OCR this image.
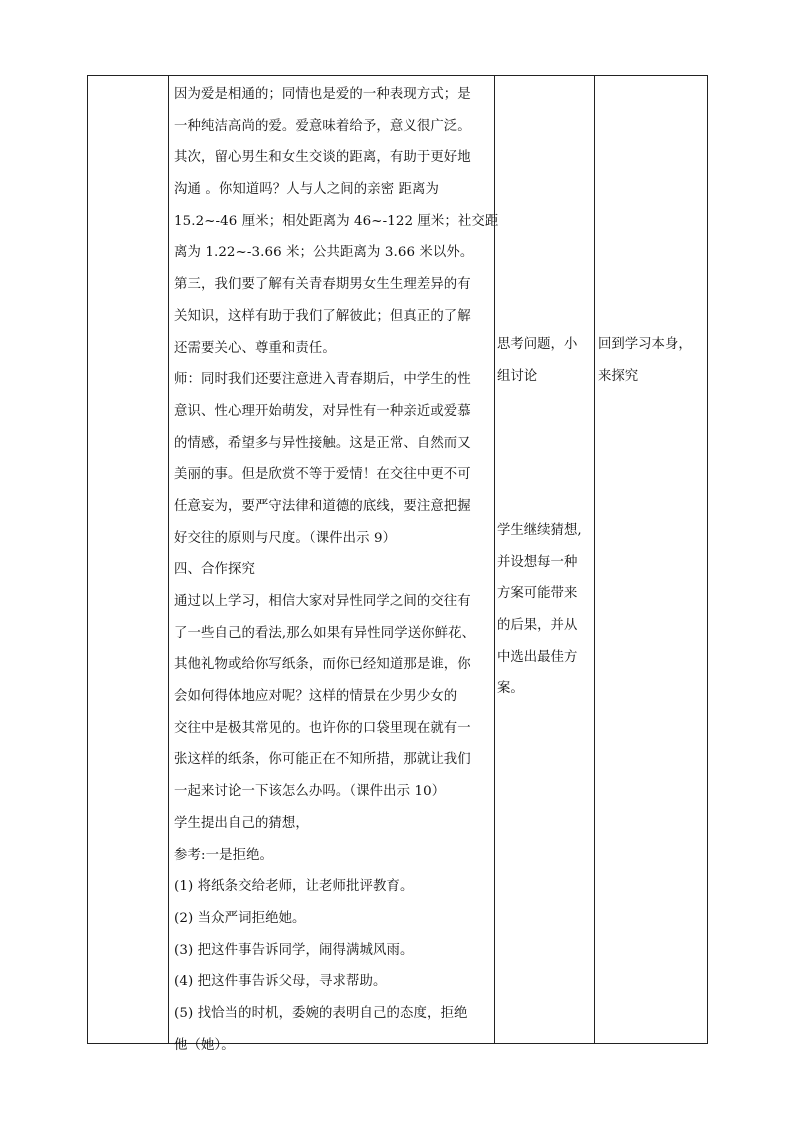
因为爱是相通的；同情也是爱的一种表现方式；是
一种纯洁高尚的爱。爱意味着给予，意义很广泛。
其次，留心男生和女生交谈的距离，有助于更好地
沟通 。你知道吗？人与人之间的亲密 距离为
15.2~-46 厘米；相处距离为 46~-122 厘米；社交距
离为 1.22~-3.66 米；公共距离为 3.66 米以外。
第三，我们要了解有关青春期男女生生理差异的有
关知识，这样有助于我们了解彼此；但真正的了解
还需要关心、尊重和责任。
师：同时我们还要注意进入青春期后，中学生的性
意识、性心理开始萌发，对异性有一种亲近或爱慕
的情感，希望多与异性接触。这是正常、自然而又
美丽的事。但是欣赏不等于爱情！在交往中更不可
任意妄为，要严守法律和道德的底线，要注意把握
好交往的原则与尺度。（课件出示 9）
四、合作探究
通过以上学习，相信大家对异性同学之间的交往有
了一些自己的看法,那么如果有异性同学送你鲜花、
其他礼物或给你写纸条，而你已经知道那是谁，你
会如何得体地应对呢？这样的情景在少男少女的
交往中是极其常见的。也许你的口袋里现在就有一
张这样的纸条，你可能正在不知所措，那就让我们
一起来讨论一下该怎么办吗。（课件出示 10）
学生提出自己的猜想，
参考:一是拒绝。
(1) 将纸条交给老师，让老师批评教育。
(2) 当众严词拒绝她。
(3) 把这件事告诉同学，闹得满城风雨。
(4) 把这件事告诉父母，寻求帮助。
(5) 找恰当的时机，委婉的表明自己的态度，拒绝
他（她）。
思考问题，小
组讨论
学生继续猜想,
并设想每一种
方案可能带来
的后果，并从
中选出最佳方
案。
回到学习本身，
来探究
